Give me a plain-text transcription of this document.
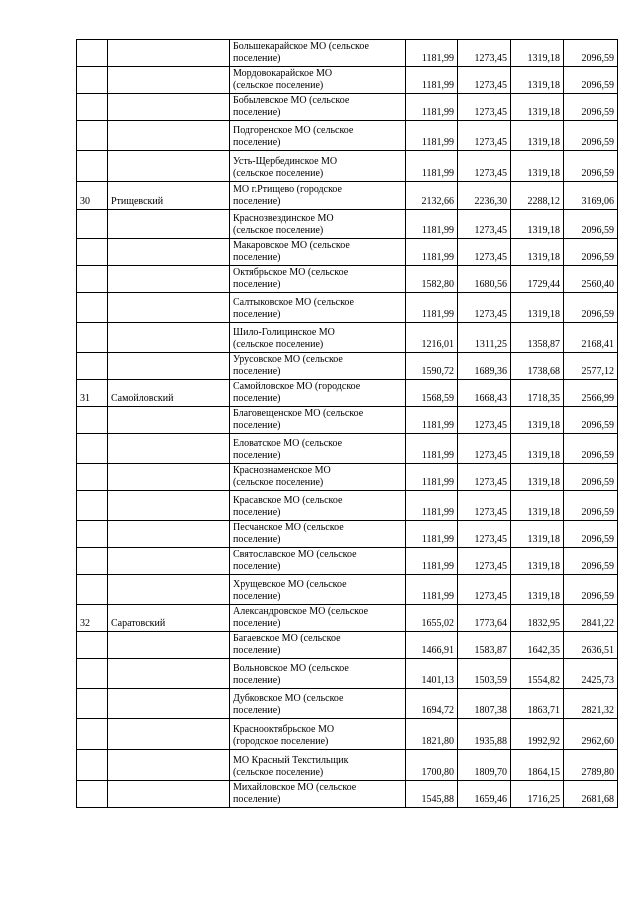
		Большекарайское МО (сельское
поселение)	1181,99	1273,45	1319,18	2096,59

		Мордовокарайское МО
(сельское поселение)	1181,99	1273,45	1319,18	2096,59

		Бобылевское МО (сельское
поселение)	1181,99	1273,45	1319,18	2096,59

		Подгоренское МО (сельское
поселение)	1181,99	1273,45	1319,18	2096,59

		Усть-Щербединское МО
(сельское поселение)	1181,99	1273,45	1319,18	2096,59
30	Ртищевский	МО г.Ртищево (городское
поселение)	2132,66	2236,30	2288,12	3169,06

		Краснозвездинское МО
(сельское поселение)	1181,99	1273,45	1319,18	2096,59

		Макаровское МО (сельское
поселение)	1181,99	1273,45	1319,18	2096,59

		Октябрьское МО (сельское
поселение)	1582,80	1680,56	1729,44	2560,40

		Салтыковское МО (сельское
поселение)	1181,99	1273,45	1319,18	2096,59

		Шило-Голицинское МО
(сельское поселение)	1216,01	1311,25	1358,87	2168,41

		Урусовское МО (сельское
поселение)	1590,72	1689,36	1738,68	2577,12
31	Самойловский	Самойловское МО (городское
поселение)	1568,59	1668,43	1718,35	2566,99

		Благовещенское МО (сельское
поселение)	1181,99	1273,45	1319,18	2096,59

		Еловатское МО (сельское
поселение)	1181,99	1273,45	1319,18	2096,59

		Краснознаменское МО
(сельское поселение)	1181,99	1273,45	1319,18	2096,59

		Красавское МО (сельское
поселение)	1181,99	1273,45	1319,18	2096,59

		Песчанское МО (сельское
поселение)	1181,99	1273,45	1319,18	2096,59

		Святославское МО (сельское
поселение)	1181,99	1273,45	1319,18	2096,59

		Хрущевское МО (сельское
поселение)	1181,99	1273,45	1319,18	2096,59
32	Саратовский	Александровское МО (сельское
поселение)	1655,02	1773,64	1832,95	2841,22

		Багаевское МО (сельское
поселение)	1466,91	1583,87	1642,35	2636,51

		Вольновское МО (сельское
поселение)	1401,13	1503,59	1554,82	2425,73

		Дубковское МО (сельское
поселение)	1694,72	1807,38	1863,71	2821,32

		Краснооктябрьское МО
(городское поселение)	1821,80	1935,88	1992,92	2962,60

		МО Красный Текстильщик
(сельское поселение)	1700,80	1809,70	1864,15	2789,80

		Михайловское МО (сельское
поселение)	1545,88	1659,46	1716,25	2681,68
